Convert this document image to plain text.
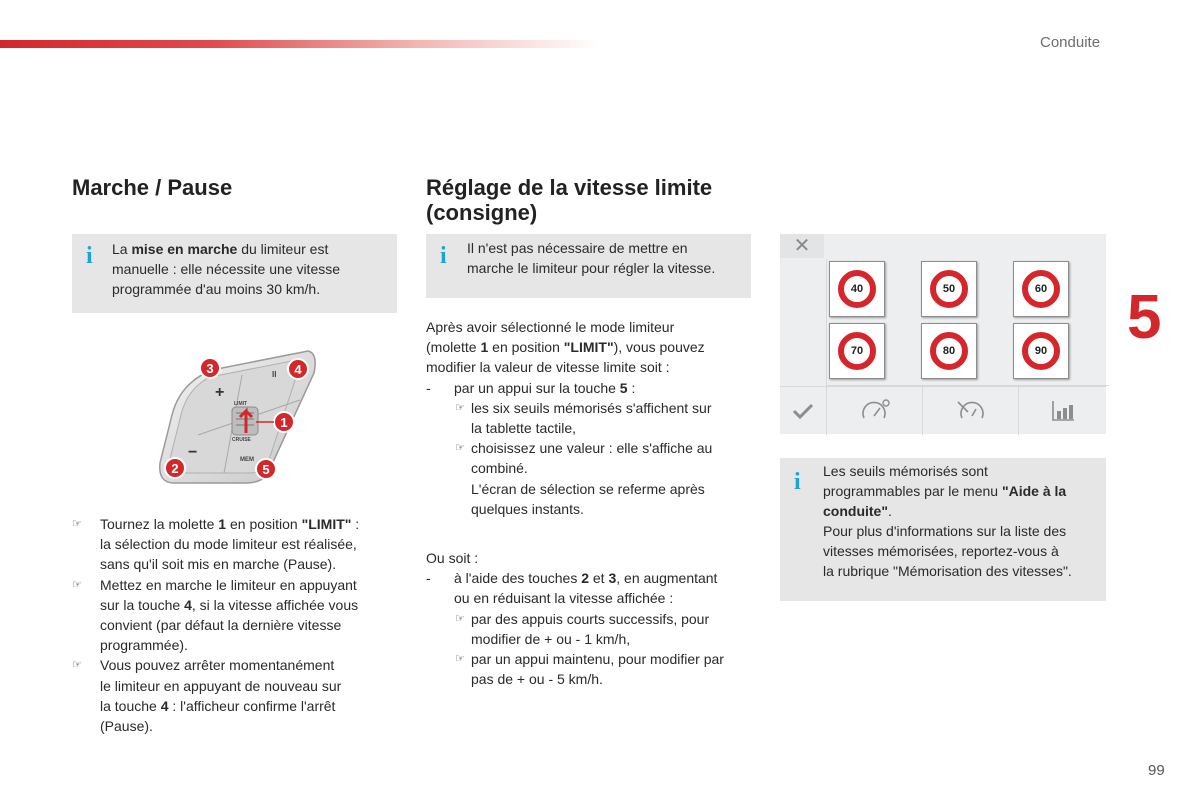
Conduite
5
99
Marche / Pause
i La mise en marche du limiteur est
manuelle : elle nécessite une vitesse
programmée d'au moins 30 km/h.
+
−
II
MEM
LIMIT
CRUISE
3	4
1
2	5
☞ Tournez la molette 1 en position "LIMIT" :
la sélection du mode limiteur est réalisée,
sans qu'il soit mis en marche (Pause).
☞ Mettez en marche le limiteur en appuyant
sur la touche 4, si la vitesse affichée vous
convient (par défaut la dernière vitesse
programmée).
☞ Vous pouvez arrêter momentanément
le limiteur en appuyant de nouveau sur
la touche 4 : l'afficheur confirme l'arrêt
(Pause).
Réglage de la vitesse limite
(consigne)
i Il n'est pas nécessaire de mettre en
marche le limiteur pour régler la vitesse.
Après avoir sélectionné le mode limiteur
(molette 1 en position "LIMIT"), vous pouvez
modifier la valeur de vitesse limite soit :
- par un appui sur la touche 5 :
☞ les six seuils mémorisés s'affichent sur
la tablette tactile,
☞ choisissez une valeur : elle s'affiche au
combiné.
L'écran de sélection se referme après
quelques instants.
Ou soit :
- à l'aide des touches 2 et 3, en augmentant
ou en réduisant la vitesse affichée :
☞ par des appuis courts successifs, pour
modifier de + ou - 1 km/h,
☞ par un appui maintenu, pour modifier par
pas de + ou - 5 km/h.
✕
40	50	60
70	80	90
i Les seuils mémorisés sont
programmables par le menu "Aide à la
conduite".
Pour plus d'informations sur la liste des
vitesses mémorisées, reportez-vous à
la rubrique "Mémorisation des vitesses".
